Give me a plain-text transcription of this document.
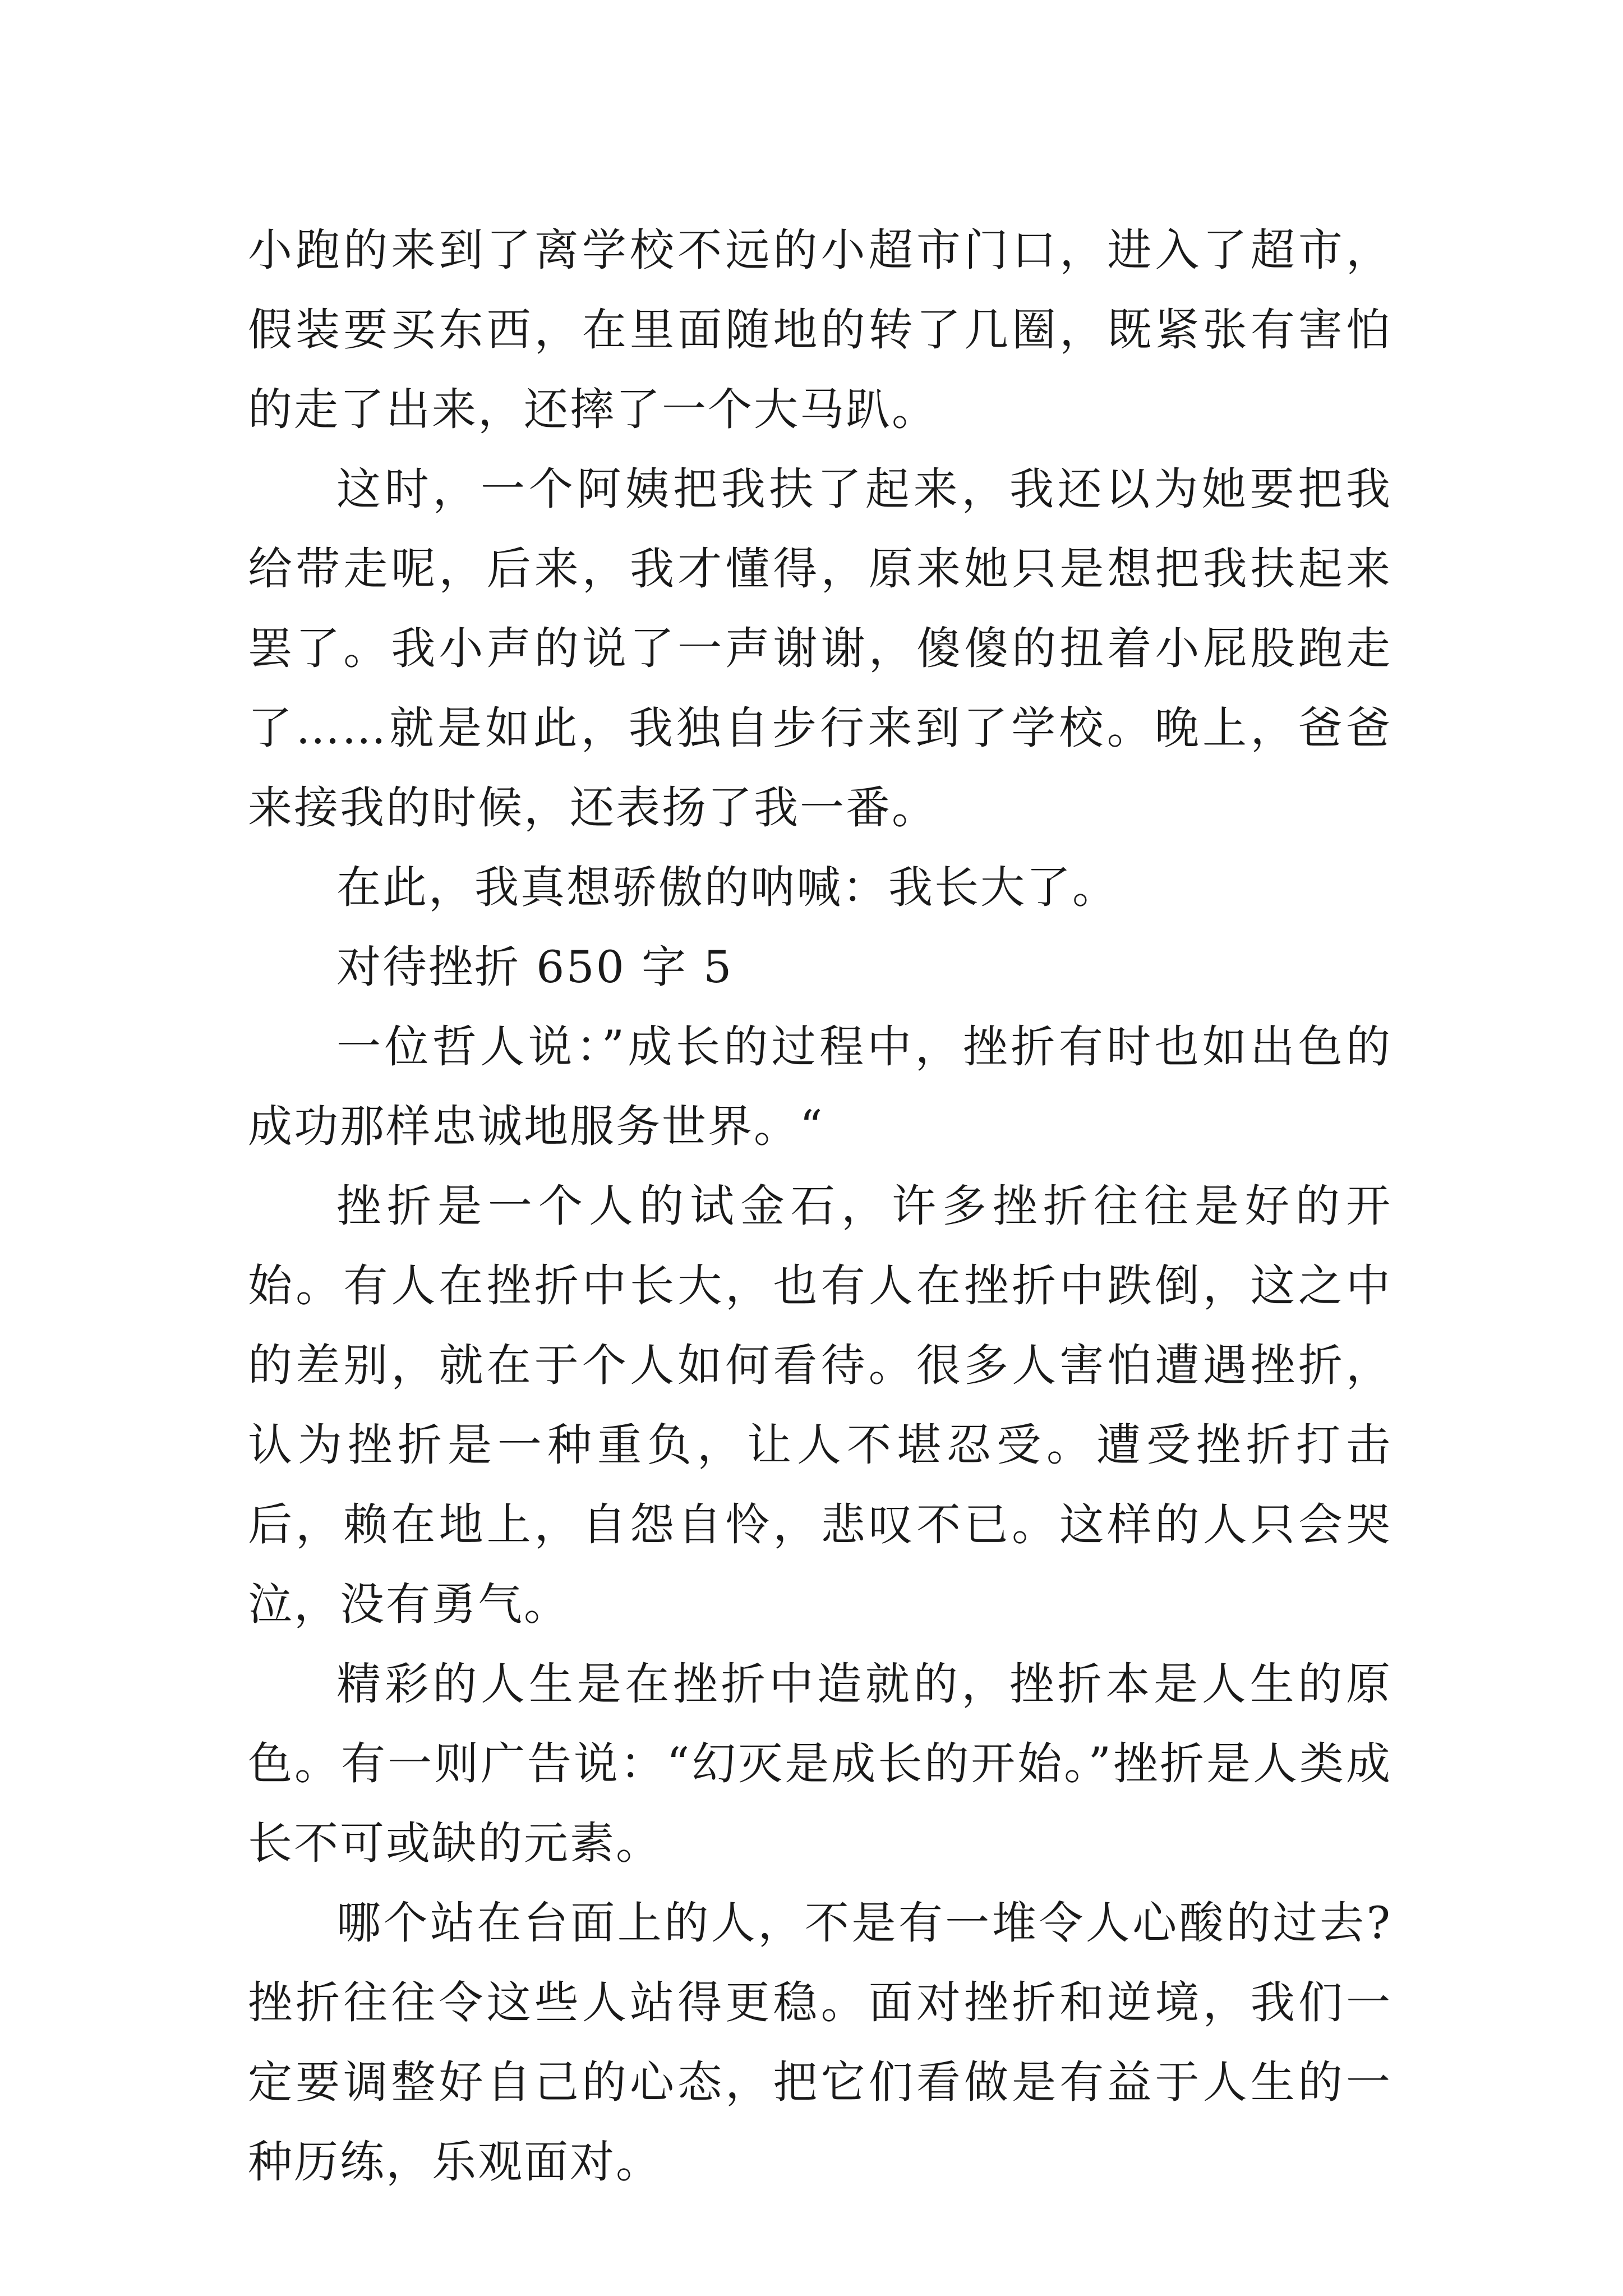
小跑的来到了离学校不远的小超市门口，进入了超市，假装要买东西，在里面随地的转了几圈，既紧张有害怕的走了出来，还摔了一个大马趴。

这时，一个阿姨把我扶了起来，我还以为她要把我给带走呢，后来，我才懂得，原来她只是想把我扶起来罢了。我小声的说了一声谢谢，傻傻的扭着小屁股跑走了……就是如此，我独自步行来到了学校。晚上，爸爸来接我的时候，还表扬了我一番。

在此，我真想骄傲的呐喊：我长大了。

对待挫折 650 字 5

一位哲人说：”成长的过程中，挫折有时也如出色的成功那样忠诚地服务世界。“

挫折是一个人的试金石，许多挫折往往是好的开始。有人在挫折中长大，也有人在挫折中跌倒，这之中的差别，就在于个人如何看待。很多人害怕遭遇挫折，认为挫折是一种重负，让人不堪忍受。遭受挫折打击后，赖在地上，自怨自怜，悲叹不已。这样的人只会哭泣，没有勇气。

精彩的人生是在挫折中造就的，挫折本是人生的原色。有一则广告说：“幻灭是成长的开始。”挫折是人类成长不可或缺的元素。

哪个站在台面上的人，不是有一堆令人心酸的过去?挫折往往令这些人站得更稳。面对挫折和逆境，我们一定要调整好自己的心态，把它们看做是有益于人生的一种历练，乐观面对。
